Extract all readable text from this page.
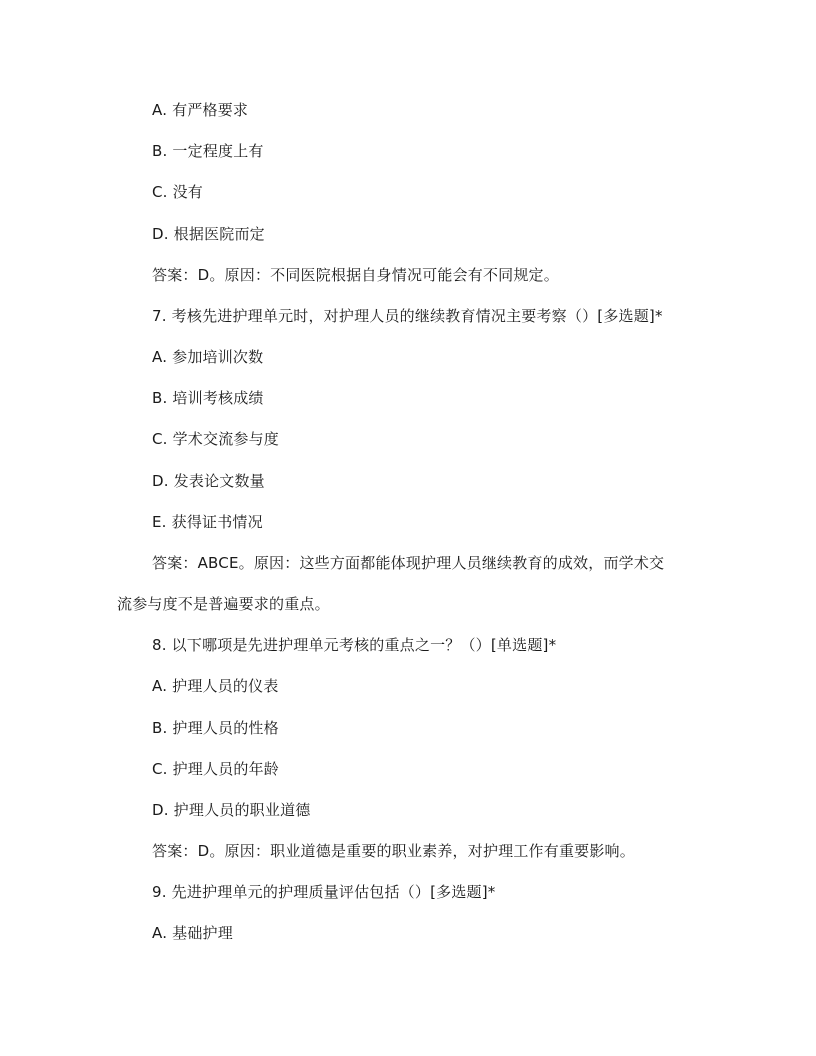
A. 有严格要求
B. 一定程度上有
C. 没有
D. 根据医院而定
答案：D。原因：不同医院根据自身情况可能会有不同规定。
7. 考核先进护理单元时，对护理人员的继续教育情况主要考察（）[多选题]*
A. 参加培训次数
B. 培训考核成绩
C. 学术交流参与度
D. 发表论文数量
E. 获得证书情况
答案：ABCE。原因：这些方面都能体现护理人员继续教育的成效，而学术交
流参与度不是普遍要求的重点。
8. 以下哪项是先进护理单元考核的重点之一？（）[单选题]*
A. 护理人员的仪表
B. 护理人员的性格
C. 护理人员的年龄
D. 护理人员的职业道德
答案：D。原因：职业道德是重要的职业素养，对护理工作有重要影响。
9. 先进护理单元的护理质量评估包括（）[多选题]*
A. 基础护理
